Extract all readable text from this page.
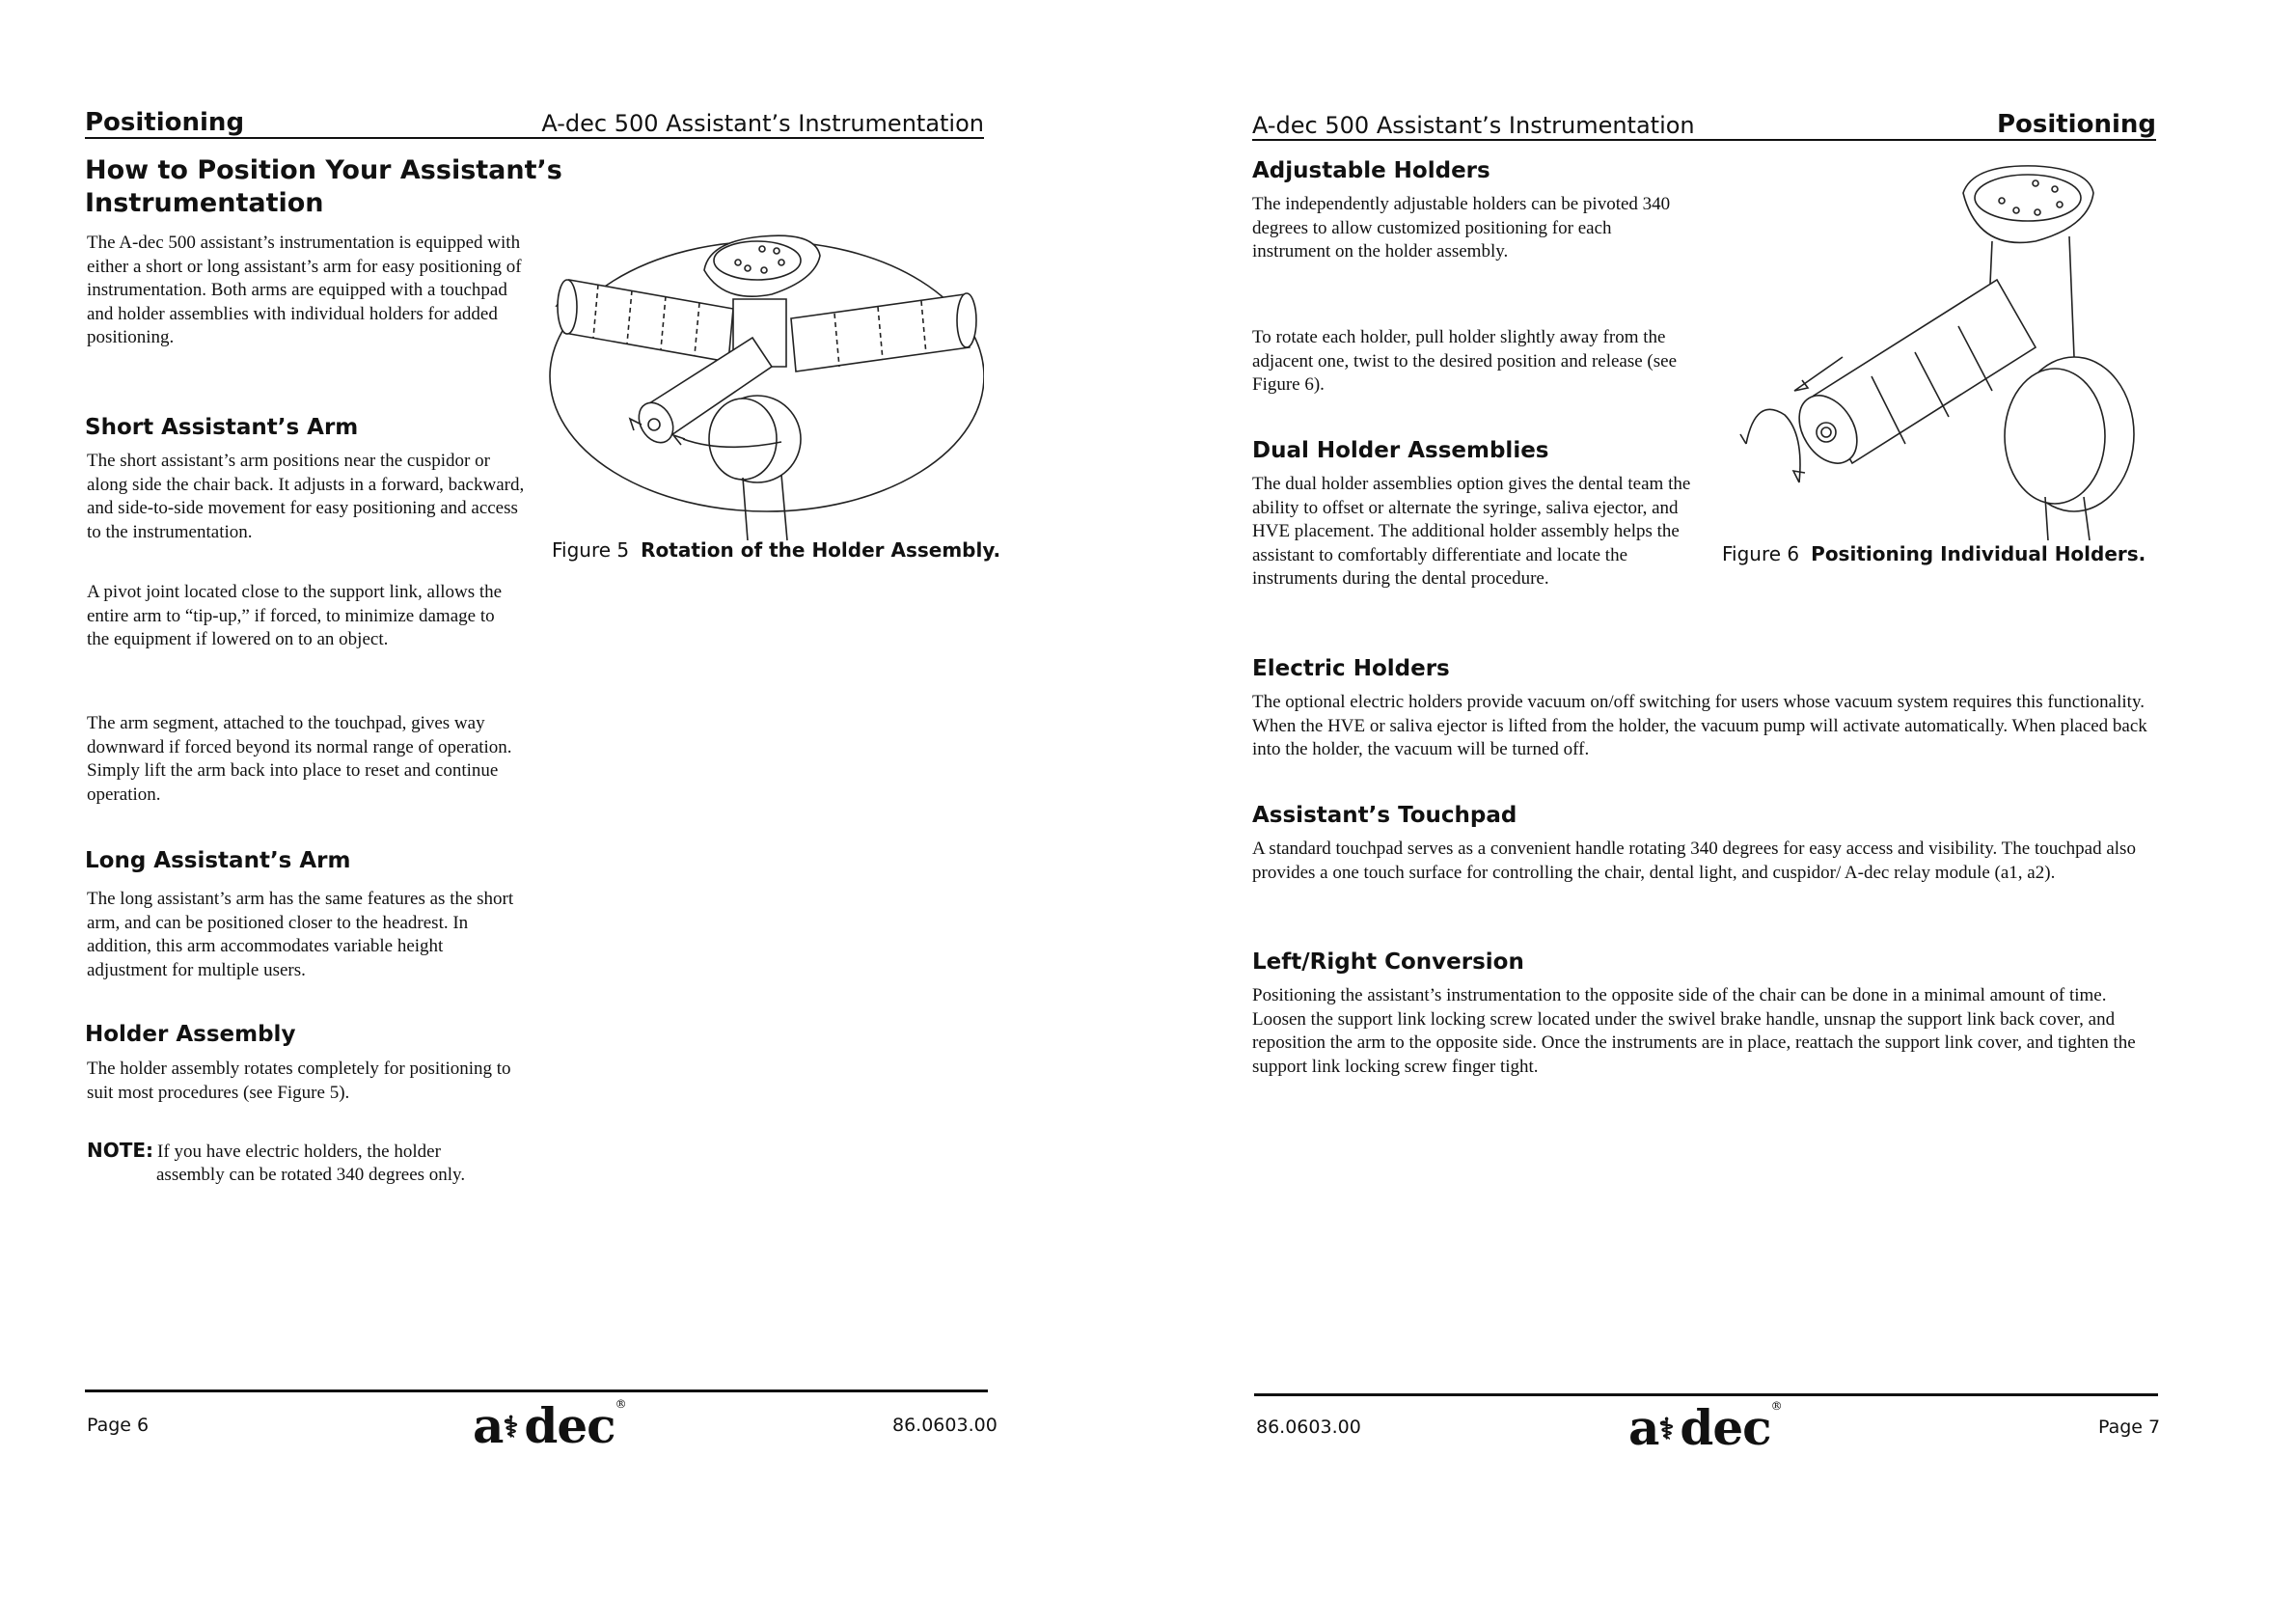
Positioning	A-dec 500 Assistant’s Instrumentation
How to Position Your Assistant’s
Instrumentation

The A-dec 500 assistant’s instrumentation is equipped with either a short or long assistant’s arm for easy positioning of instrumentation. Both arms are equipped with a touchpad and holder assemblies with individual holders for added positioning.

Short Assistant’s Arm

The short assistant’s arm positions near the cuspidor or along side the chair back. It adjusts in a forward, backward, and side-to-side movement for easy positioning and access to the instrumentation.

A pivot joint located close to the support link, allows the entire arm to “tip-up,” if forced, to minimize damage to the equipment if lowered on to an object.

The arm segment, attached to the touchpad, gives way downward if forced beyond its normal range of operation. Simply lift the arm back into place to reset and continue operation.

Long Assistant’s Arm

The long assistant’s arm has the same features as the short arm, and can be positioned closer to the headrest. In addition, this arm accommodates variable height adjustment for multiple users.

Holder Assembly

The holder assembly rotates completely for positioning to suit most procedures (see Figure 5).

NOTE: If you have electric holders, the holder
assembly can be rotated 340 degrees only.
Figure 5 Rotation of the Holder Assembly.
Page 6	a⚕ dec®
86.0603.00
A-dec 500 Assistant’s Instrumentation	Positioning
Adjustable Holders

The independently adjustable holders can be pivoted 340 degrees to allow customized positioning for each instrument on the holder assembly.

To rotate each holder, pull holder slightly away from the adjacent one, twist to the desired position and release (see Figure 6).

Dual Holder Assemblies

The dual holder assemblies option gives the dental team the ability to offset or alternate the syringe, saliva ejector, and HVE placement. The additional holder assembly helps the assistant to comfortably differentiate and locate the instruments during the dental procedure.

Electric Holders

The optional electric holders provide vacuum on/off switching for users whose vacuum system requires this functionality. When the HVE or saliva ejector is lifted from the holder, the vacuum pump will activate automatically. When placed back into the holder, the vacuum will be turned off.

Assistant’s Touchpad

A standard touchpad serves as a convenient handle rotating 340 degrees for easy access and visibility. The touchpad also provides a one touch surface for controlling the chair, dental light, and cuspidor/ A-dec relay module (a1, a2).

Left/Right Conversion

Positioning the assistant’s instrumentation to the opposite side of the chair can be done in a minimal amount of time. Loosen the support link locking screw located under the swivel brake handle, unsnap the support link back cover, and reposition the arm to the opposite side. Once the instruments are in place, reattach the support link cover, and tighten the support link locking screw finger tight.

Figure 6 Positioning Individual Holders.
86.0603.00	a⚕ dec®
Page 7
